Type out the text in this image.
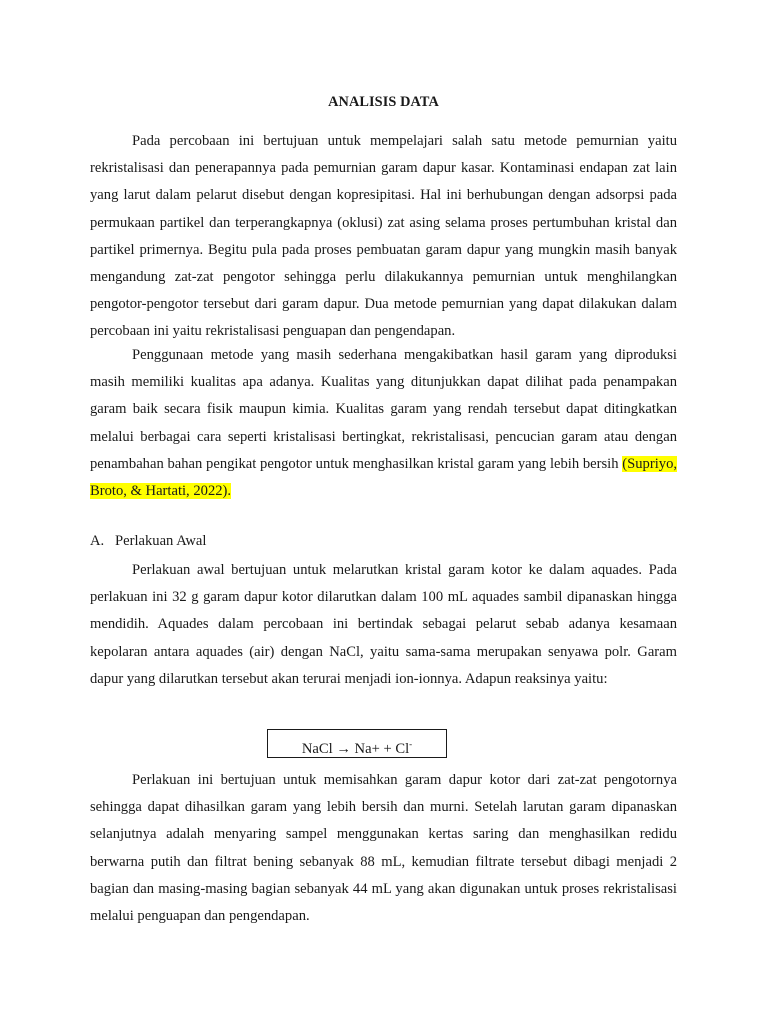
ANALISIS DATA

Pada percobaan ini bertujuan untuk mempelajari salah satu metode pemurnian yaitu rekristalisasi dan penerapannya pada pemurnian garam dapur kasar. Kontaminasi endapan zat lain yang larut dalam pelarut disebut dengan kopresipitasi. Hal ini berhubungan dengan adsorpsi pada permukaan partikel dan terperangkapnya (oklusi) zat asing selama proses pertumbuhan kristal dan partikel primernya. Begitu pula pada proses pembuatan garam dapur yang mungkin masih banyak mengandung zat-zat pengotor sehingga perlu dilakukannya pemurnian untuk menghilangkan pengotor-pengotor tersebut dari garam dapur. Dua metode pemurnian yang dapat dilakukan dalam percobaan ini yaitu rekristalisasi penguapan dan pengendapan.

Penggunaan metode yang masih sederhana mengakibatkan hasil garam yang diproduksi masih memiliki kualitas apa adanya. Kualitas yang ditunjukkan dapat dilihat pada penampakan garam baik secara fisik maupun kimia. Kualitas garam yang rendah tersebut dapat ditingkatkan melalui berbagai cara seperti kristalisasi bertingkat, rekristalisasi, pencucian garam atau dengan penambahan bahan pengikat pengotor untuk menghasilkan kristal garam yang lebih bersih (Supriyo, Broto, & Hartati, 2022).

A. Perlakuan Awal

Perlakuan awal bertujuan untuk melarutkan kristal garam kotor ke dalam aquades. Pada perlakuan ini 32 g garam dapur kotor dilarutkan dalam 100 mL aquades sambil dipanaskan hingga mendidih. Aquades dalam percobaan ini bertindak sebagai pelarut sebab adanya kesamaan kepolaran antara aquades (air) dengan NaCl, yaitu sama-sama merupakan senyawa polr. Garam dapur yang dilarutkan tersebut akan terurai menjadi ion-ionnya. Adapun reaksinya yaitu:

NaCl → Na+ + Cl-

Perlakuan ini bertujuan untuk memisahkan garam dapur kotor dari zat-zat pengotornya sehingga dapat dihasilkan garam yang lebih bersih dan murni. Setelah larutan garam dipanaskan selanjutnya adalah menyaring sampel menggunakan kertas saring dan menghasilkan redidu berwarna putih dan filtrat bening sebanyak 88 mL, kemudian filtrate tersebut dibagi menjadi 2 bagian dan masing-masing bagian sebanyak 44 mL yang akan digunakan untuk proses rekristalisasi melalui penguapan dan pengendapan.
